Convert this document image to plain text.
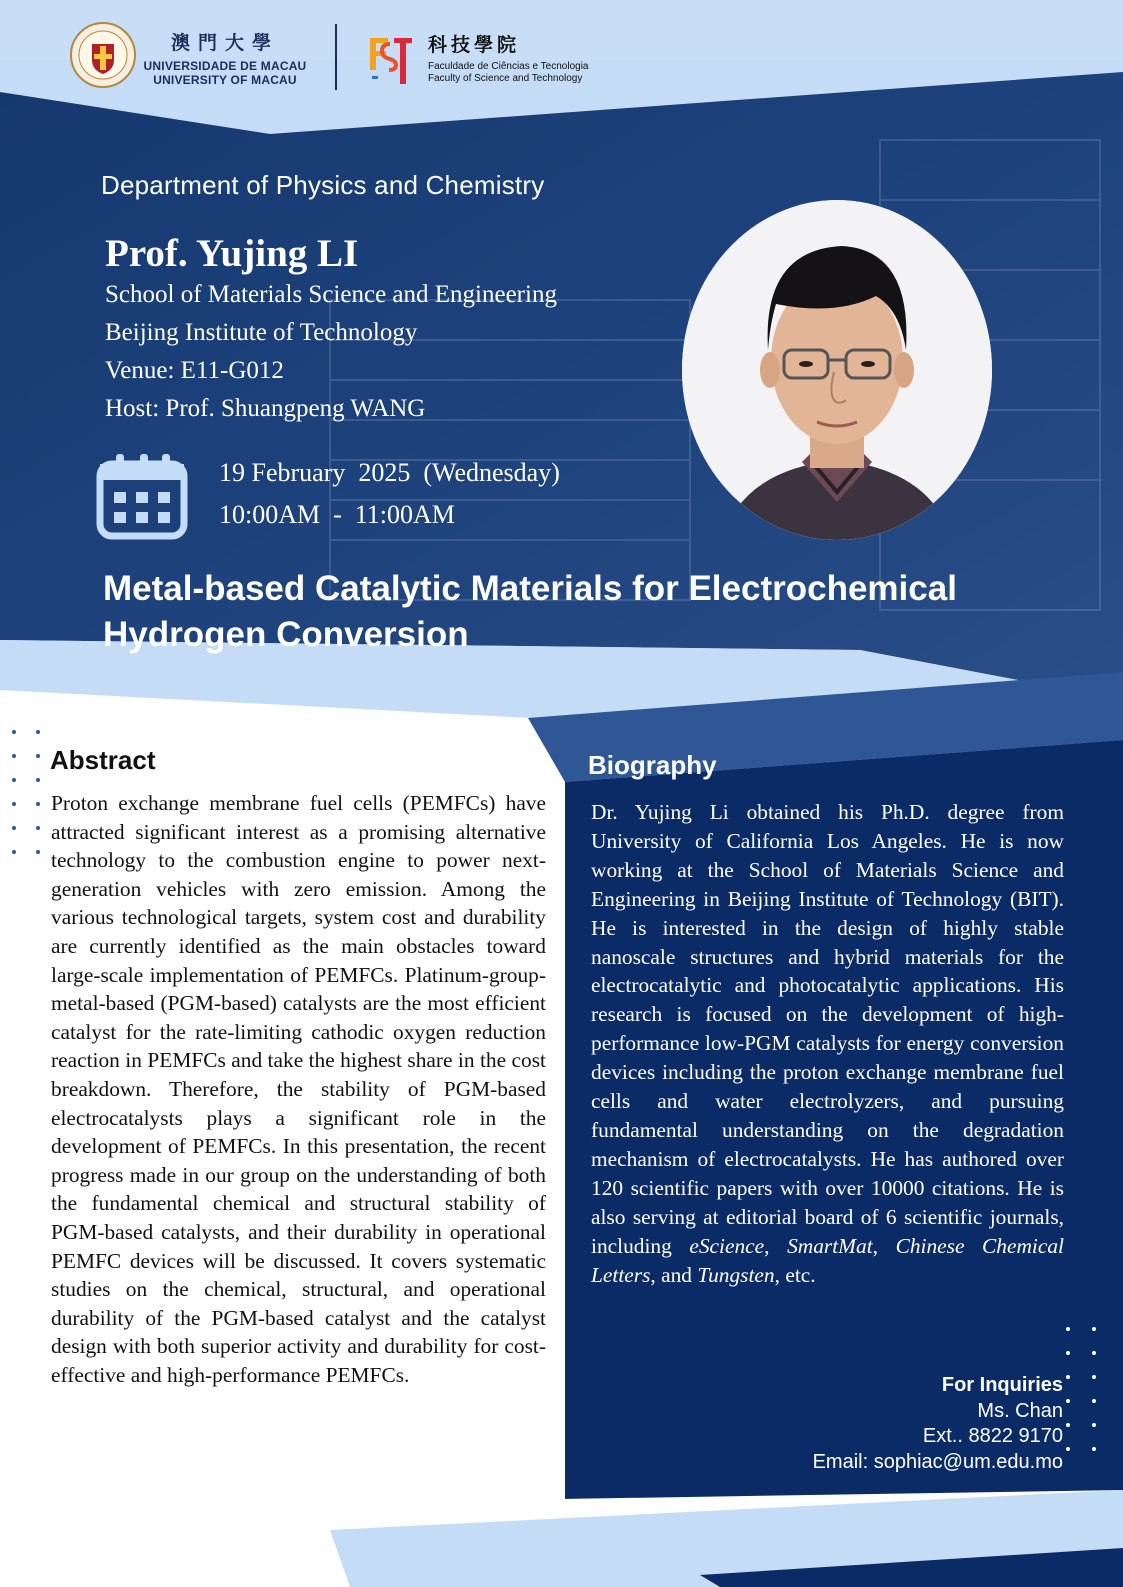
澳門大學
UNIVERSIDADE DE MACAU
UNIVERSITY OF MACAU
科技學院
Faculdade de Ciências e Tecnologia
Faculty of Science and Technology
Department of Physics and Chemistry
Prof. Yujing LI
School of Materials Science and Engineering
Beijing Institute of Technology
Venue: E11-G012
Host: Prof. Shuangpeng WANG
19 February  2025  (Wednesday)
10:00AM  -  11:00AM
Metal-based Catalytic Materials for Electrochemical Hydrogen Conversion
Abstract
Proton exchange membrane fuel cells (PEMFCs) have attracted significant interest as a promising alternative technology to the combustion engine to power next-generation vehicles with zero emission. Among the various technological targets, system cost and durability are currently identified as the main obstacles toward large-scale implementation of PEMFCs. Platinum-group-metal-based (PGM-based) catalysts are the most efficient catalyst for the rate-limiting cathodic oxygen reduction reaction in PEMFCs and take the highest share in the cost breakdown. Therefore, the stability of PGM-based electrocatalysts plays a significant role in the development of PEMFCs. In this presentation, the recent progress made in our group on the understanding of both the fundamental chemical and structural stability of PGM-based catalysts, and their durability in operational PEMFC devices will be discussed. It covers systematic studies on the chemical, structural, and operational durability of the PGM-based catalyst and the catalyst design with both superior activity and durability for cost-effective and high-performance PEMFCs.
Biography
Dr. Yujing Li obtained his Ph.D. degree from University of California Los Angeles. He is now working at the School of Materials Science and Engineering in Beijing Institute of Technology (BIT). He is interested in the design of highly stable nanoscale structures and hybrid materials for the electrocatalytic and photocatalytic applications. His research is focused on the development of high-performance low-PGM catalysts for energy conversion devices including the proton exchange membrane fuel cells and water electrolyzers, and pursuing fundamental understanding on the degradation mechanism of electrocatalysts. He has authored over 120 scientific papers with over 10000 citations. He is also serving at editorial board of 6 scientific journals, including eScience, SmartMat, Chinese Chemical Letters, and Tungsten, etc.
For Inquiries
Ms. Chan
Ext.. 8822 9170
Email: sophiac@um.edu.mo
